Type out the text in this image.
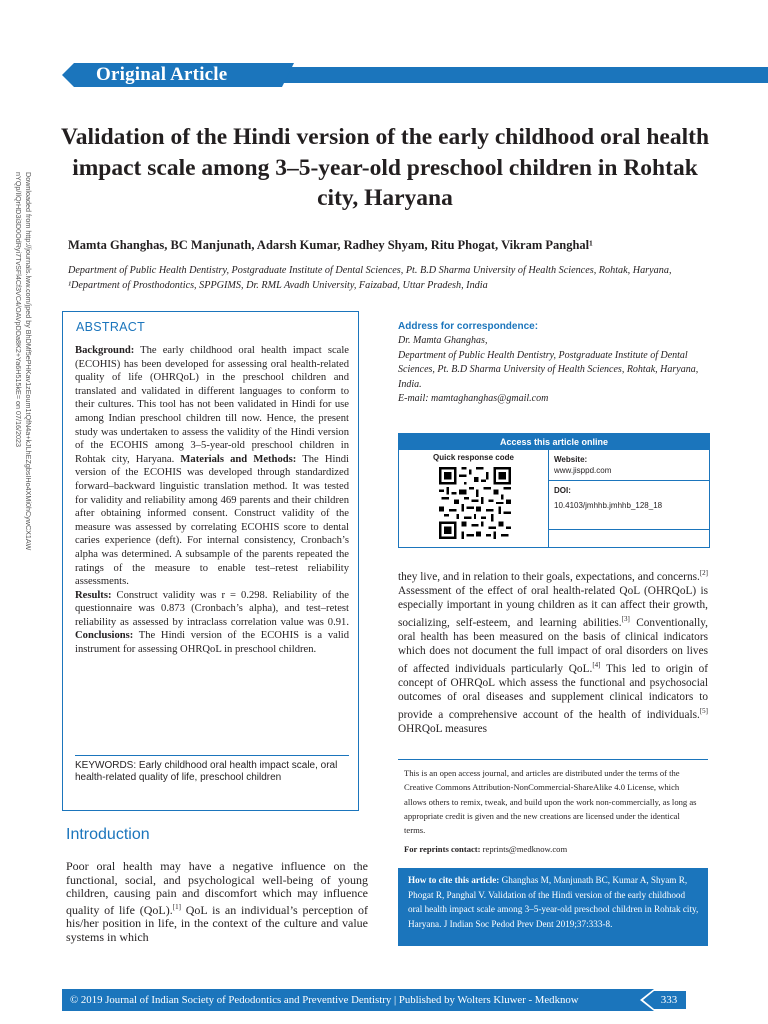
Original Article
Downloaded from http://journals.lww.com/jped by BhDMf5ePHKav1zEoum1tQfN4a+kJLhEZgbsIHo4XMi0hCywCX1AW
nYQp/IlQrHD3i3D0OdRyi7TvSFl4Cf3VC4/OAVpDDa8K2+Ya6H515kE= on 07/16/2023
Validation of the Hindi version of the early childhood oral health impact scale among 3–5-year-old preschool children in Rohtak city, Haryana
Mamta Ghanghas, BC Manjunath, Adarsh Kumar, Radhey Shyam, Ritu Phogat, Vikram Panghal¹
Department of Public Health Dentistry, Postgraduate Institute of Dental Sciences, Pt. B.D Sharma University of Health Sciences, Rohtak, Haryana, ¹Department of Prosthodontics, SPPGIMS, Dr. RML Avadh University, Faizabad, Uttar Pradesh, India
ABSTRACT
Background: The early childhood oral health impact scale (ECOHIS) has been developed for assessing oral health-related quality of life (OHRQoL) in the preschool children and translated and validated in different languages to conform to their cultures. This tool has not been validated in Hindi for use among Indian preschool children till now. Hence, the present study was undertaken to assess the validity of the Hindi version of the ECOHIS among 3–5-year-old preschool children in Rohtak city, Haryana. Materials and Methods: The Hindi version of the ECOHIS was developed through standardized forward–backward linguistic translation method. It was tested for validity and reliability among 469 parents and their children after obtaining informed consent. Construct validity of the measure was assessed by correlating ECOHIS score to dental caries experience (deft). For internal consistency, Cronbach’s alpha was determined. A subsample of the parents repeated the ratings of the measure to enable test–retest reliability assessments.
Results: Construct validity was r = 0.298. Reliability of the questionnaire was 0.873 (Cronbach’s alpha), and test–retest reliability as assessed by intraclass correlation value was 0.91. Conclusions: The Hindi version of the ECOHIS is a valid instrument for assessing OHRQoL in preschool children.
KEYWORDS: Early childhood oral health impact scale, oral health-related quality of life, preschool children
Introduction
Poor oral health may have a negative influence on the functional, social, and psychological well-being of young children, causing pain and discomfort which may influence quality of life (QoL).[1] QoL is an individual’s perception of his/her position in life, in the context of the culture and value systems in which
Address for correspondence:
Dr. Mamta Ghanghas,
Department of Public Health Dentistry, Postgraduate Institute of Dental Sciences, Pt. B.D Sharma University of Health Sciences, Rohtak, Haryana, India.
E-mail: mamtaghanghas@gmail.com
Access this article online
Quick response code	Website:
www.jisppd.com
DOI:
10.4103/jmhhb.jmhhb_128_18
they live, and in relation to their goals, expectations, and concerns.[2] Assessment of the effect of oral health-related QoL (OHRQoL) is especially important in young children as it can affect their growth, socializing, self-esteem, and learning abilities.[3] Conventionally, oral health has been measured on the basis of clinical indicators which does not document the full impact of oral disorders on lives of affected individuals particularly QoL.[4] This led to origin of concept of OHRQoL which assess the functional and psychosocial outcomes of oral diseases and supplement clinical indicators to provide a comprehensive account of the health of individuals.[5] OHRQoL measures
This is an open access journal, and articles are distributed under the terms of the Creative Commons Attribution-NonCommercial-ShareAlike 4.0 License, which allows others to remix, tweak, and build upon the work non-commercially, as long as appropriate credit is given and the new creations are licensed under the identical terms.
For reprints contact: reprints@medknow.com
How to cite this article: Ghanghas M, Manjunath BC, Kumar A, Shyam R, Phogat R, Panghal V. Validation of the Hindi version of the early childhood oral health impact scale among 3–5-year-old preschool children in Rohtak city, Haryana. J Indian Soc Pedod Prev Dent 2019;37:333-8.
© 2019 Journal of Indian Society of Pedodontics and Preventive Dentistry | Published by Wolters Kluwer - Medknow	333
